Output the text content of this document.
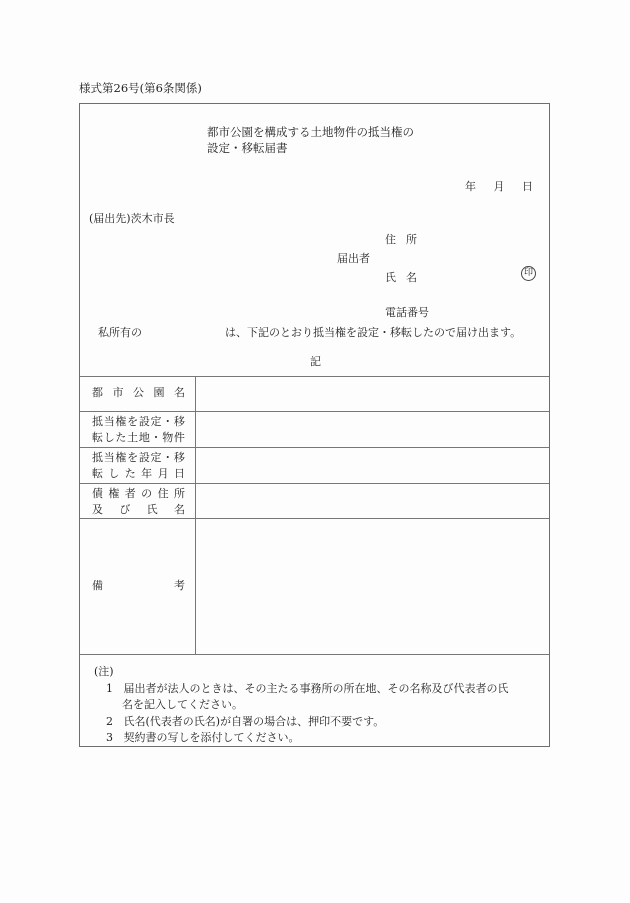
様式第26号(第6条関係)
都市公園を構成する土地物件の抵当権の
設定・移転届書
年 月 日
(届出先)茨木市長
住所
届出者
氏名	印
電話番号
私所有の	は、下記のとおり抵当権を設定・移転したので届け出ます。
記
都 市 公 園 名
抵 当 権 を 設 定 ・ 移
転 し た 土 地 ・ 物 件
抵 当 権 を 設 定 ・ 移
転 し た 年 月 日
債 権 者 の 住 所
及 び 氏 名
備	考
(注)
1 届出者が法人のときは、その主たる事務所の所在地、その名称及び代表者の氏
名を記入してください。
2 氏名(代表者の氏名)が自署の場合は、押印不要です。
3 契約書の写しを添付してください。
